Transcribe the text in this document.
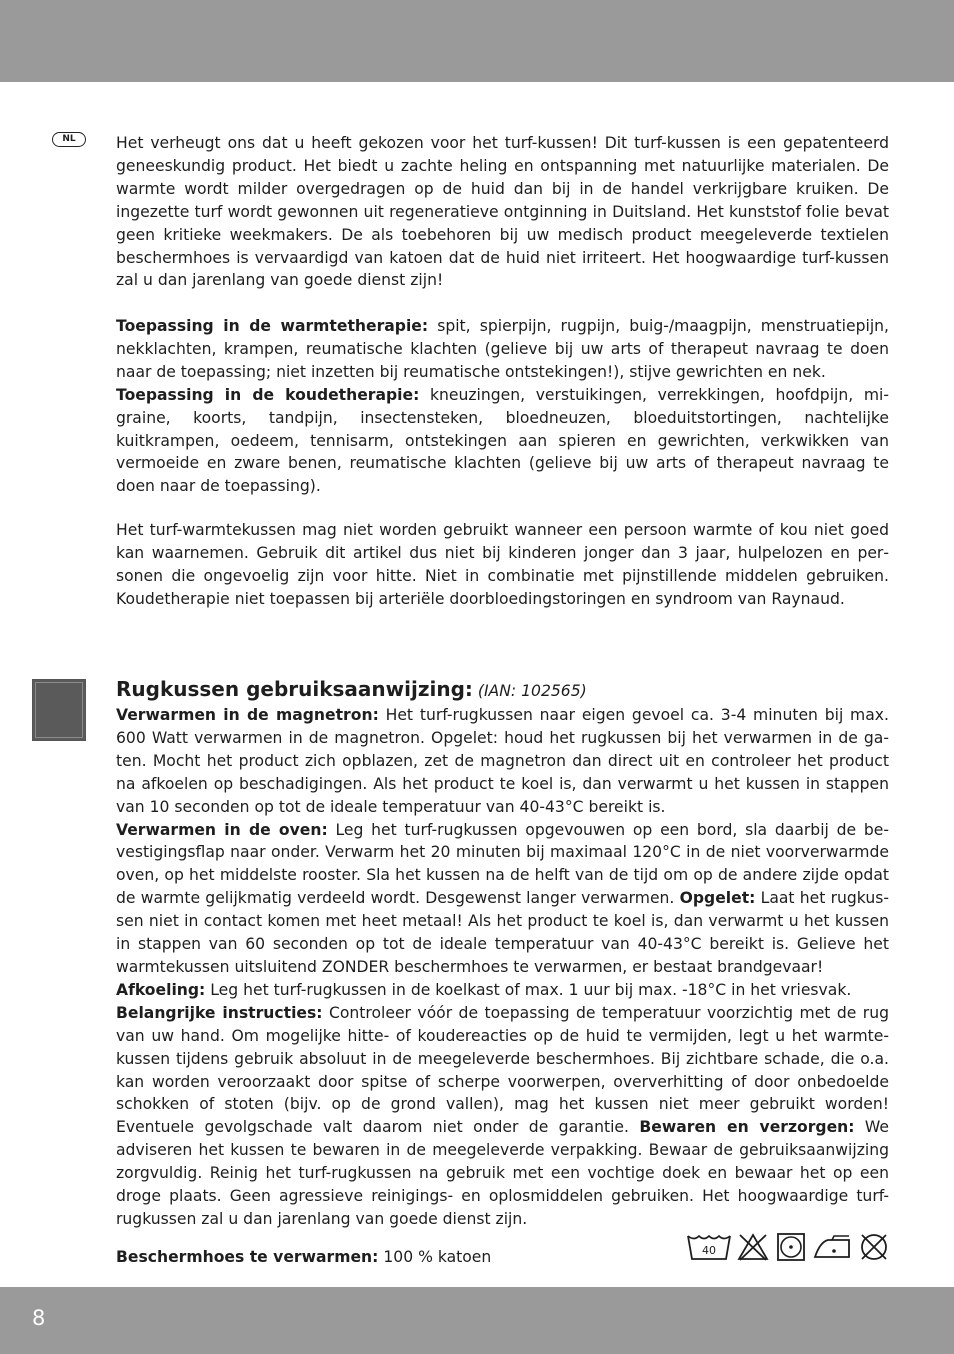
NL	Het verheugt ons dat u heeft gekozen voor het turf-kussen! Dit turf-kussen is een gepatenteerd geneeskundig product. Het biedt u zachte heling en ontspanning met natuurlijke materialen. De warmte wordt milder overgedragen op de huid dan bij in de handel verkrijgbare kruiken. De ingezette turf wordt gewonnen uit regeneratieve ontginning in Duitsland. Het kunststof folie bevat geen kritieke weekmakers. De als toebehoren bij uw medisch product meegeleverde textielen beschermhoes is vervaardigd van katoen dat de huid niet irriteert. Het hoogwaardige turf-kussen zal u dan jarenlang van goede dienst zijn!

Toepassing in de warmtetherapie: spit, spierpijn, rugpijn, buig-/maagpijn, menstruatiepijn, nekklachten, krampen, reumatische klachten (gelieve bij uw arts of therapeut navraag te doen naar de toepassing; niet inzetten bij reumatische ontstekingen!), stijve gewrichten en nek.
Toepassing in de koudetherapie: kneuzingen, verstuikingen, verrekkingen, hoofdpijn, migraine, koorts, tandpijn, insectensteken, bloedneuzen, bloeduitstortingen, nachtelijke kuitkrampen, oedeem, tennisarm, ontstekingen aan spieren en gewrichten, verkwikken van vermoeide en zware benen, reumatische klachten (gelieve bij uw arts of therapeut navraag te doen naar de toepassing).

Het turf-warmtekussen mag niet worden gebruikt wanneer een persoon warmte of kou niet goed kan waarnemen. Gebruik dit artikel dus niet bij kinderen jonger dan 3 jaar, hulpelozen en personen die ongevoelig zijn voor hitte. Niet in combinatie met pijnstillende middelen gebruiken. Koudetherapie niet toepassen bij arteriële doorbloedingstoringen en syndroom van Raynaud.

Rugkussen gebruiksaanwijzing: (IAN: 102565)

Verwarmen in de magnetron: Het turf-rugkussen naar eigen gevoel ca. 3-4 minuten bij max. 600 Watt verwarmen in de magnetron. Opgelet: houd het rugkussen bij het verwarmen in de gaten. Mocht het product zich opblazen, zet de magnetron dan direct uit en controleer het product na afkoelen op beschadigingen. Als het product te koel is, dan verwarmt u het kussen in stappen van 10 seconden op tot de ideale temperatuur van 40-43°C bereikt is.
Verwarmen in de oven: Leg het turf-rugkussen opgevouwen op een bord, sla daarbij de bevestigingsflap naar onder. Verwarm het 20 minuten bij maximaal 120°C in de niet voorverwarmde oven, op het middelste rooster. Sla het kussen na de helft van de tijd om op de andere zijde opdat de warmte gelijkmatig verdeeld wordt. Desgewenst langer verwarmen. Opgelet: Laat het rugkussen niet in contact komen met heet metaal! Als het product te koel is, dan verwarmt u het kussen in stappen van 60 seconden op tot de ideale temperatuur van 40-43°C bereikt is. Gelieve het warmtekussen uitsluitend ZONDER beschermhoes te verwarmen, er bestaat brandgevaar!
Afkoeling: Leg het turf-rugkussen in de koelkast of max. 1 uur bij max. -18°C in het vriesvak.
Belangrijke instructies: Controleer vóór de toepassing de temperatuur voorzichtig met de rug van uw hand. Om mogelijke hitte- of koudereacties op de huid te vermijden, legt u het warmtekussen tijdens gebruik absoluut in de meegeleverde beschermhoes. Bij zichtbare schade, die o.a. kan worden veroorzaakt door spitse of scherpe voorwerpen, oververhitting of door onbedoelde schokken of stoten (bijv. op de grond vallen), mag het kussen niet meer gebruikt worden! Eventuele gevolgschade valt daarom niet onder de garantie. Bewaren en verzorgen: We adviseren het kussen te bewaren in de meegeleverde verpakking. Bewaar de gebruiksaanwijzing zorgvuldig. Reinig het turf-rugkussen na gebruik met een vochtige doek en bewaar het op een droge plaats. Geen agressieve reinigings- en oplosmiddelen gebruiken. Het hoogwaardige turf-rugkussen zal u dan jarenlang van goede dienst zijn.

Beschermhoes te verwarmen: 100 % katoen	40
8
